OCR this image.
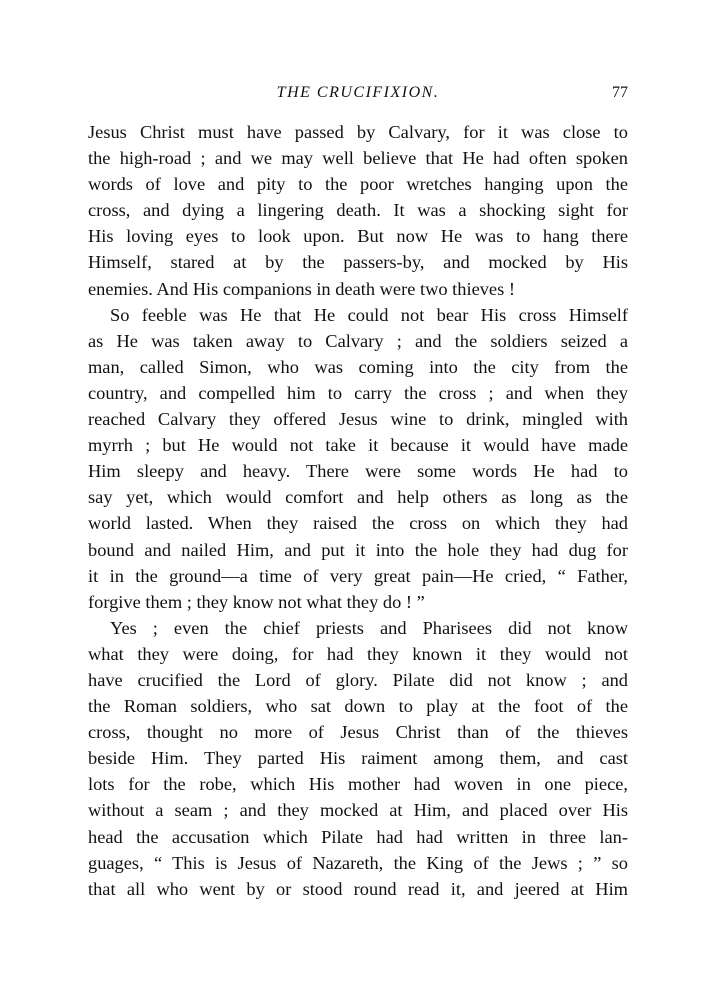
THE CRUCIFIXION.	77
Jesus Christ must have passed by Calvary, for it was close to
the high-road ; and we may well believe that He had often spoken
words of love and pity to the poor wretches hanging upon the
cross, and dying a lingering death. It was a shocking sight for
His loving eyes to look upon. But now He was to hang there
Himself, stared at by the passers-by, and mocked by His
enemies. And His companions in death were two thieves !
So feeble was He that He could not bear His cross Himself
as He was taken away to Calvary ; and the soldiers seized a
man, called Simon, who was coming into the city from the
country, and compelled him to carry the cross ; and when they
reached Calvary they offered Jesus wine to drink, mingled with
myrrh ; but He would not take it because it would have made
Him sleepy and heavy. There were some words He had to
say yet, which would comfort and help others as long as the
world lasted. When they raised the cross on which they had
bound and nailed Him, and put it into the hole they had dug for
it in the ground—a time of very great pain—He cried, “ Father,
forgive them ; they know not what they do ! ”
Yes ; even the chief priests and Pharisees did not know
what they were doing, for had they known it they would not
have crucified the Lord of glory. Pilate did not know ; and
the Roman soldiers, who sat down to play at the foot of the
cross, thought no more of Jesus Christ than of the thieves
beside Him. They parted His raiment among them, and cast
lots for the robe, which His mother had woven in one piece,
without a seam ; and they mocked at Him, and placed over His
head the accusation which Pilate had had written in three lan-
guages, “ This is Jesus of Nazareth, the King of the Jews ; ” so
that all who went by or stood round read it, and jeered at Him
